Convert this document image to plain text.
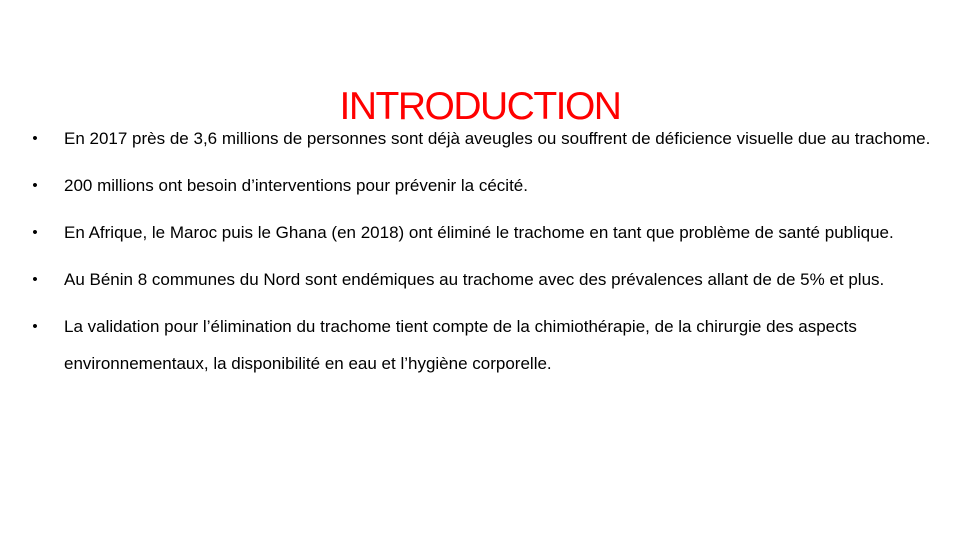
INTRODUCTION
• En 2017 près de 3,6 millions de personnes sont déjà aveugles ou souffrent de déficience visuelle due au trachome.
• 200 millions ont besoin d’interventions pour prévenir la cécité.
• En Afrique, le Maroc puis le Ghana (en 2018) ont éliminé le trachome en tant que problème de santé publique.
• Au Bénin 8 communes du Nord sont endémiques au trachome avec des prévalences allant de de 5% et plus.
• La validation pour l’élimination du trachome tient compte de la chimiothérapie, de la chirurgie des aspects environnementaux, la disponibilité en eau et l’hygiène corporelle.
